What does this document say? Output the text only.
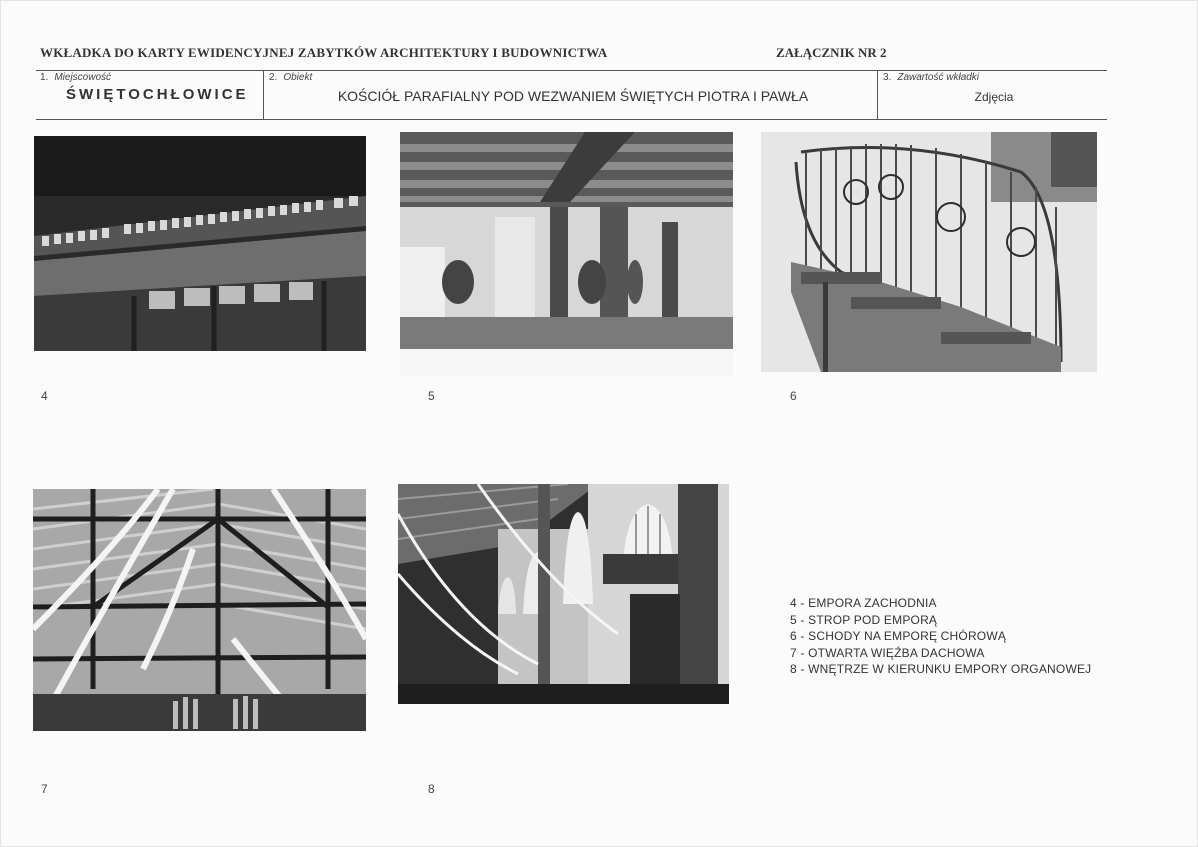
WKŁADKA DO KARTY EWIDENCYJNEJ ZABYTKÓW ARCHITEKTURY I BUDOWNICTWA	ZAŁĄCZNIK NR 2
1. Miejscowość
ŚWIĘTOCHŁOWICE
2. Obiekt
KOŚCIÓŁ PARAFIALNY POD WEZWANIEM ŚWIĘTYCH PIOTRA I PAWŁA
3. Zawartość wkładki
Zdjęcia
4	5	6
7	8
4 - EMPORA ZACHODNIA
5 - STROP POD EMPORĄ
6 - SCHODY NA EMPORĘ CHÓROWĄ
7 - OTWARTA WIĘŹBA DACHOWA
8 - WNĘTRZE W KIERUNKU EMPORY ORGANOWEJ
